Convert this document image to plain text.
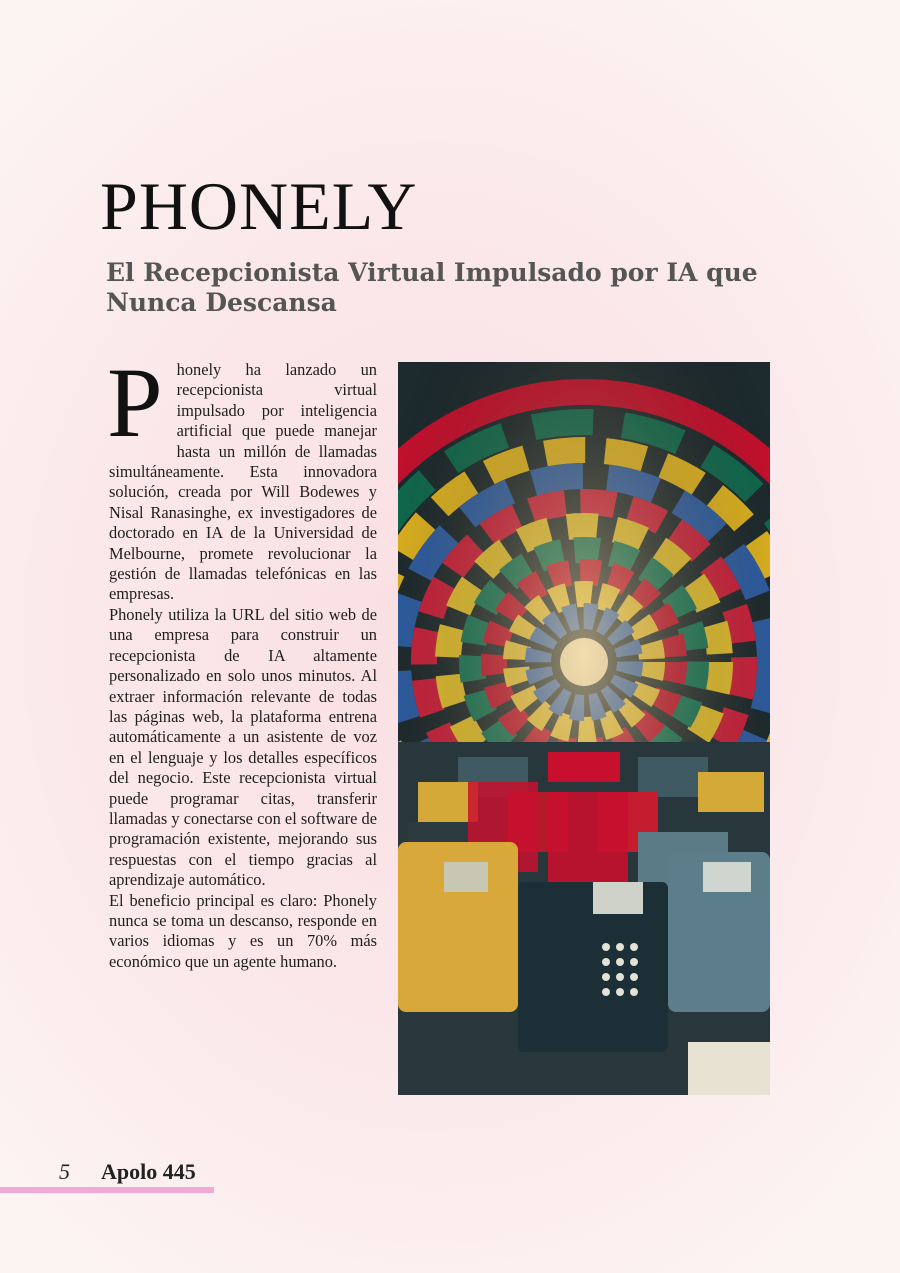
PHONELY
El Recepcionista Virtual Impulsado por IA que Nunca Descansa
P honely ha lanzado un recepcionista virtual impulsado por inteligencia artificial que puede manejar hasta un millón de llamadas simultáneamente. Esta innovadora solución, creada por Will Bodewes y Nisal Ranasinghe, ex investigadores de doctorado en IA de la Universidad de Melbourne, promete revolucionar la gestión de llamadas telefónicas en las empresas.

Phonely utiliza la URL del sitio web de una empresa para construir un recepcionista de IA altamente personalizado en solo unos minutos. Al extraer información relevante de todas las páginas web, la plataforma entrena automáticamente a un asistente de voz en el lenguaje y los detalles específicos del negocio. Este recepcionista virtual puede programar citas, transferir llamadas y conectarse con el software de programación existente, mejorando sus respuestas con el tiempo gracias al aprendizaje automático.

El beneficio principal es claro: Phonely nunca se toma un descanso, responde en varios idiomas y es un 70% más económico que un agente humano.

5 Apolo 445
